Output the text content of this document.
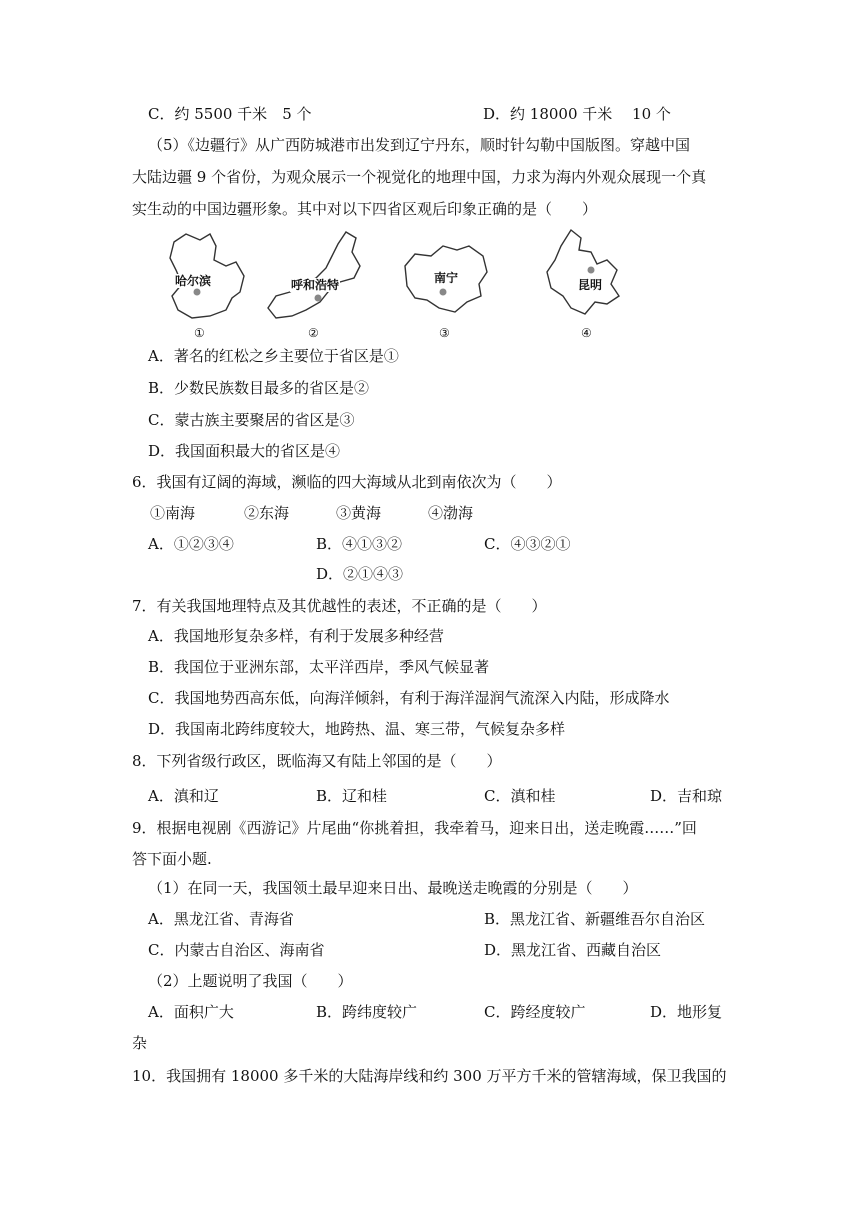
C．约 5500 千米　5 个	D．约 18000 千米　 10 个
（5）《边疆行》从广西防城港市出发到辽宁丹东，顺时针勾勒中国版图。穿越中国
大陆边疆 9 个省份，为观众展示一个视觉化的地理中国，力求为海内外观众展现一个真
实生动的中国边疆形象。其中对以下四省区观后印象正确的是（　　）
哈尔滨
①
呼和浩特
②
南宁
③
昆明
④
A．著名的红松之乡主要位于省区是①
B．少数民族数目最多的省区是②
C．蒙古族主要聚居的省区是③
D．我国面积最大的省区是④
6．我国有辽阔的海域，濒临的四大海域从北到南依次为（　　）
①南海	②东海	③黄海	④渤海
A．①②③④	B．④①③②	C．④③②①
D．②①④③
7．有关我国地理特点及其优越性的表述，不正确的是（　　）
A．我国地形复杂多样，有利于发展多种经营
B．我国位于亚洲东部，太平洋西岸，季风气候显著
C．我国地势西高东低，向海洋倾斜，有利于海洋湿润气流深入内陆，形成降水
D．我国南北跨纬度较大，地跨热、温、寒三带，气候复杂多样
8．下列省级行政区，既临海又有陆上邻国的是（　　）
A．滇和辽	B．辽和桂	C．滇和桂	D．吉和琼
9．根据电视剧《西游记》片尾曲“你挑着担，我牵着马，迎来日出，送走晚霞……”回
答下面小题.
（1）在同一天，我国领土最早迎来日出、最晚送走晚霞的分别是（　　）
A．黑龙江省、青海省	B．黑龙江省、新疆维吾尔自治区
C．内蒙古自治区、海南省	D．黑龙江省、西藏自治区
（2）上题说明了我国（　　）
A．面积广大	B．跨纬度较广	C．跨经度较广	D．地形复
杂
10．我国拥有 18000 多千米的大陆海岸线和约 300 万平方千米的管辖海域，保卫我国的
